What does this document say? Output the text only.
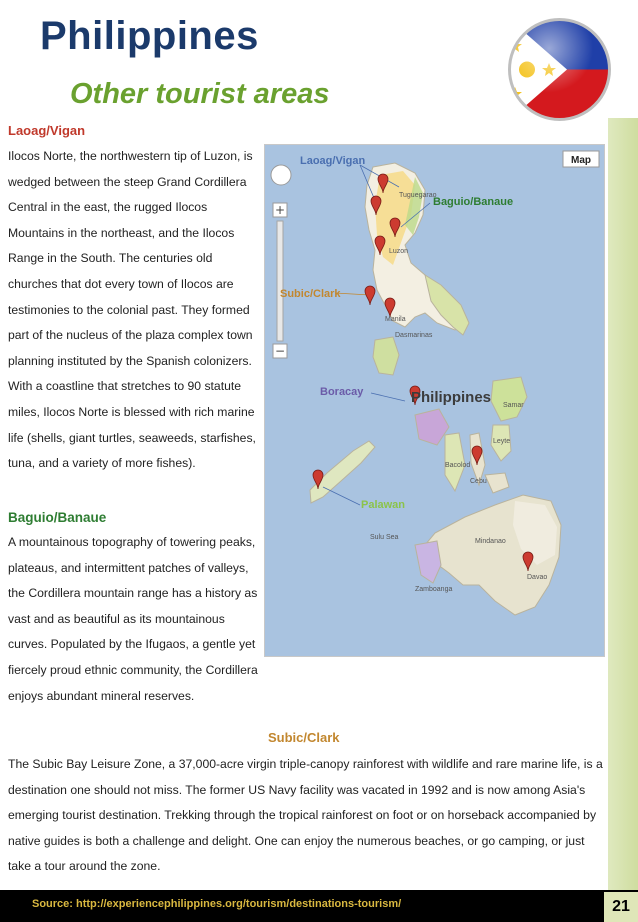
Philippines
Other tourist areas
Laoag/Vigan
Ilocos Norte, the northwestern tip of Luzon, is wedged between the steep Grand Cordillera Central in the east, the rugged Ilocos Mountains in the northeast, and the Ilocos Range in the South. The centuries old churches that dot every town of Ilocos are testimonies to the colonial past. They formed part of the nucleus of the plaza complex town planning instituted by the Spanish colonizers. With a coastline that stretches to 90 statute miles, Ilocos Norte is blessed with rich marine life (shells, giant turtles, seaweeds, starfishes, tuna, and a variety of more fishes).
Baguio/Banaue
A mountainous topography of towering peaks, plateaus, and intermittent patches of valleys, the Cordillera mountain range has a history as vast and as beautiful as its mountainous curves. Populated by the Ifugaos, a gentle yet fiercely proud ethnic community, the Cordillera enjoys abundant mineral reserves.
Map
+
−
Tuguegarao
Luzon
Manila
Dasmarinas
Samar
Leyte
Bacolod
Cebu
Sulu Sea
Mindanao
Zamboanga
Davao
Philippines
Laoag/Vigan
Baguio/Banaue
Subic/Clark
Boracay
Palawan
Subic/Clark
The Subic Bay Leisure Zone, a 37,000-acre virgin triple-canopy rainforest with wildlife and rare marine life, is a destination one should not miss. The former US Navy facility was vacated in 1992 and is now among Asia's emerging tourist destination. Trekking through the tropical rainforest on foot or on horseback accompanied by native guides is both a challenge and delight. One can enjoy the numerous beaches, or go camping, or just take a tour around the zone.
Source: http://experiencephilippines.org/tourism/destinations-tourism/	21
